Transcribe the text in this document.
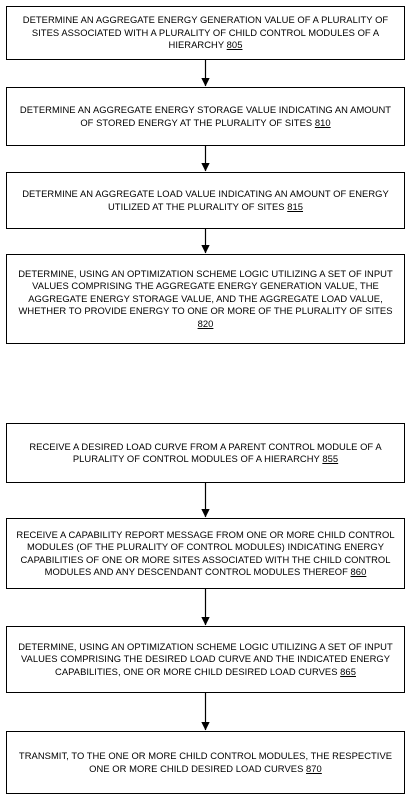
DETERMINE AN AGGREGATE ENERGY GENERATION VALUE OF A PLURALITY OF SITES ASSOCIATED WITH A PLURALITY OF CHILD CONTROL MODULES OF A HIERARCHY 805
DETERMINE AN AGGREGATE ENERGY STORAGE VALUE INDICATING AN AMOUNT OF STORED ENERGY AT THE PLURALITY OF SITES 810
DETERMINE AN AGGREGATE LOAD VALUE INDICATING AN AMOUNT OF ENERGY UTILIZED AT THE PLURALITY OF SITES 815
DETERMINE, USING AN OPTIMIZATION SCHEME LOGIC UTILIZING A SET OF INPUT VALUES COMPRISING THE AGGREGATE ENERGY GENERATION VALUE, THE AGGREGATE ENERGY STORAGE VALUE, AND THE AGGREGATE LOAD VALUE, WHETHER TO PROVIDE ENERGY TO ONE OR MORE OF THE PLURALITY OF SITES 820
RECEIVE A DESIRED LOAD CURVE FROM A PARENT CONTROL MODULE OF A PLURALITY OF CONTROL MODULES OF A HIERARCHY 855
RECEIVE A CAPABILITY REPORT MESSAGE FROM ONE OR MORE CHILD CONTROL MODULES (OF THE PLURALITY OF CONTROL MODULES) INDICATING ENERGY CAPABILITIES OF ONE OR MORE SITES ASSOCIATED WITH THE CHILD CONTROL MODULES AND ANY DESCENDANT CONTROL MODULES THEREOF 860
DETERMINE, USING AN OPTIMIZATION SCHEME LOGIC UTILIZING A SET OF INPUT VALUES COMPRISING THE DESIRED LOAD CURVE AND THE INDICATED ENERGY CAPABILITIES, ONE OR MORE CHILD DESIRED LOAD CURVES 865
TRANSMIT, TO THE ONE OR MORE CHILD CONTROL MODULES, THE RESPECTIVE ONE OR MORE CHILD DESIRED LOAD CURVES 870
